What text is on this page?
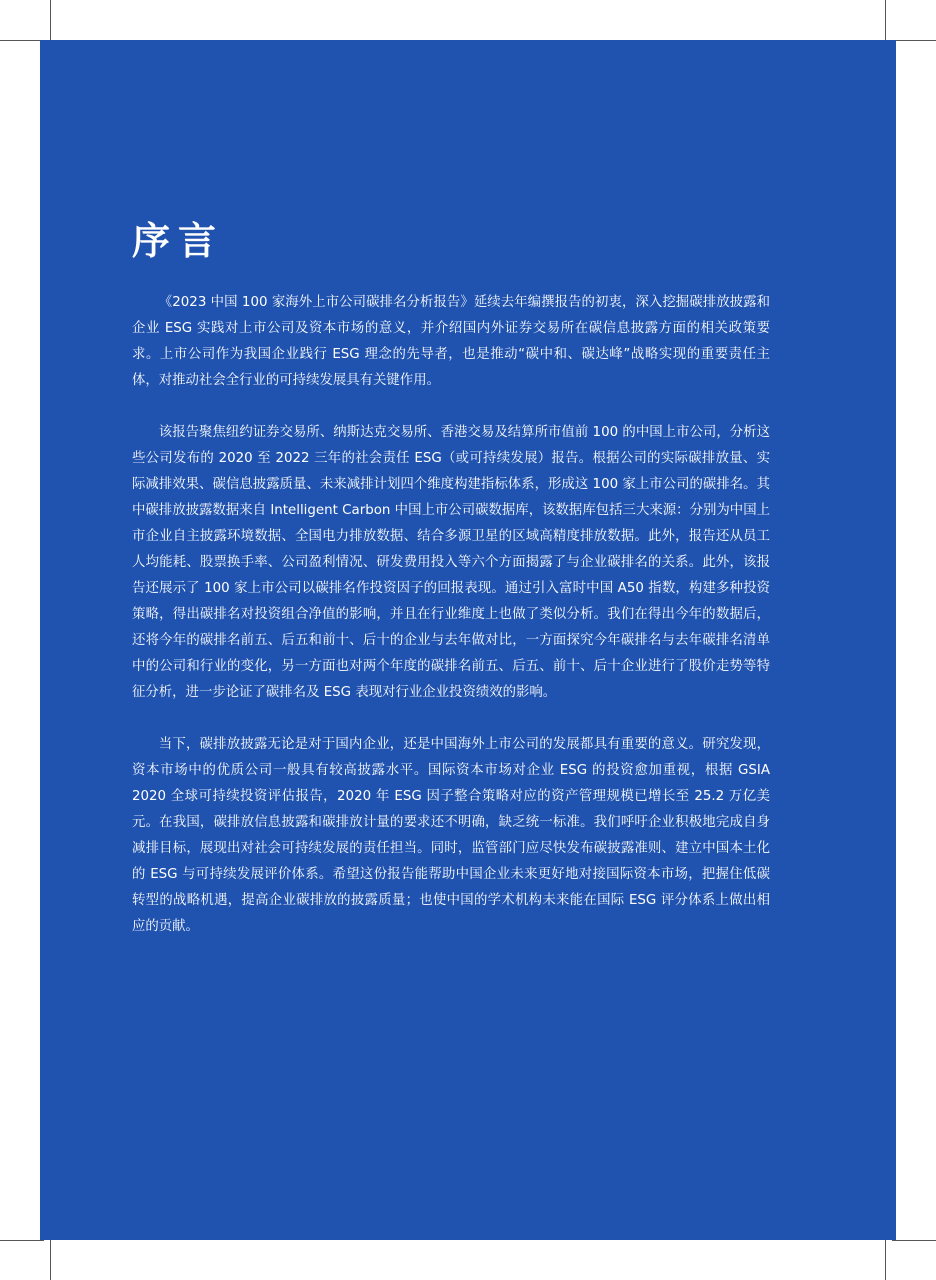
序言

《2023 中国 100 家海外上市公司碳排名分析报告》延续去年编撰报告的初衷，深入挖掘碳排放披露和企业 ESG 实践对上市公司及资本市场的意义，并介绍国内外证券交易所在碳信息披露方面的相关政策要求。上市公司作为我国企业践行 ESG 理念的先导者，也是推动“碳中和、碳达峰”战略实现的重要责任主体，对推动社会全行业的可持续发展具有关键作用。

该报告聚焦纽约证券交易所、纳斯达克交易所、香港交易及结算所市值前 100 的中国上市公司，分析这些公司发布的 2020 至 2022 三年的社会责任 ESG（或可持续发展）报告。根据公司的实际碳排放量、实际减排效果、碳信息披露质量、未来减排计划四个维度构建指标体系，形成这 100 家上市公司的碳排名。其中碳排放披露数据来自 Intelligent Carbon 中国上市公司碳数据库，该数据库包括三大来源：分别为中国上市企业自主披露环境数据、全国电力排放数据、结合多源卫星的区域高精度排放数据。此外，报告还从员工人均能耗、股票换手率、公司盈利情况、研发费用投入等六个方面揭露了与企业碳排名的关系。此外，该报告还展示了 100 家上市公司以碳排名作投资因子的回报表现。通过引入富时中国 A50 指数，构建多种投资策略，得出碳排名对投资组合净值的影响，并且在行业维度上也做了类似分析。我们在得出今年的数据后，还将今年的碳排名前五、后五和前十、后十的企业与去年做对比，一方面探究今年碳排名与去年碳排名清单中的公司和行业的变化，另一方面也对两个年度的碳排名前五、后五、前十、后十企业进行了股价走势等特征分析，进一步论证了碳排名及 ESG 表现对行业企业投资绩效的影响。

当下，碳排放披露无论是对于国内企业，还是中国海外上市公司的发展都具有重要的意义。研究发现，资本市场中的优质公司一般具有较高披露水平。国际资本市场对企业 ESG 的投资愈加重视，根据 GSIA 2020 全球可持续投资评估报告，2020 年 ESG 因子整合策略对应的资产管理规模已增长至 25.2 万亿美元。在我国，碳排放信息披露和碳排放计量的要求还不明确，缺乏统一标准。我们呼吁企业积极地完成自身减排目标，展现出对社会可持续发展的责任担当。同时，监管部门应尽快发布碳披露准则、建立中国本土化的 ESG 与可持续发展评价体系。希望这份报告能帮助中国企业未来更好地对接国际资本市场，把握住低碳转型的战略机遇，提高企业碳排放的披露质量；也使中国的学术机构未来能在国际 ESG 评分体系上做出相应的贡献。
